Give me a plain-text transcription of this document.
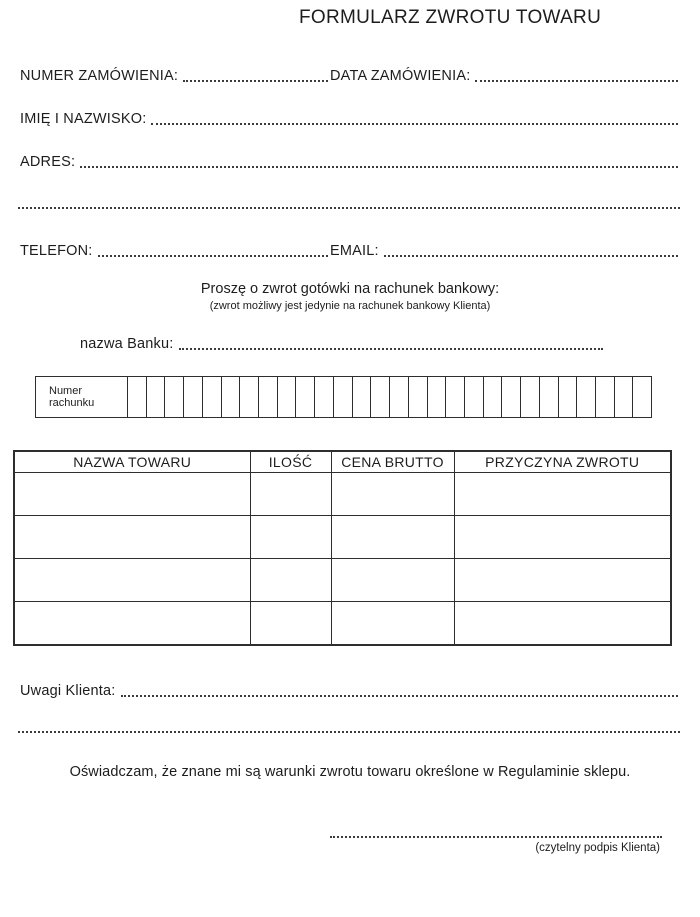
FORMULARZ ZWROTU TOWARU
NUMER ZAMÓWIENIA:	DATA ZAMÓWIENIA:
IMIĘ I NAZWISKO:
ADRES:
TELEFON:	EMAIL:

Proszę o zwrot gotówki na rachunek bankowy:

(zwrot możliwy jest jedynie na rachunek bankowy Klienta)

nazwa Banku:
Numer rachunku
NAZWA TOWARU	ILOŚĆ	CENA BRUTTO	PRZYCZYNA ZWROTU

Uwagi Klienta:

Oświadczam, że znane mi są warunki zwrotu towaru określone w Regulaminie sklepu.

(czytelny podpis Klienta)
